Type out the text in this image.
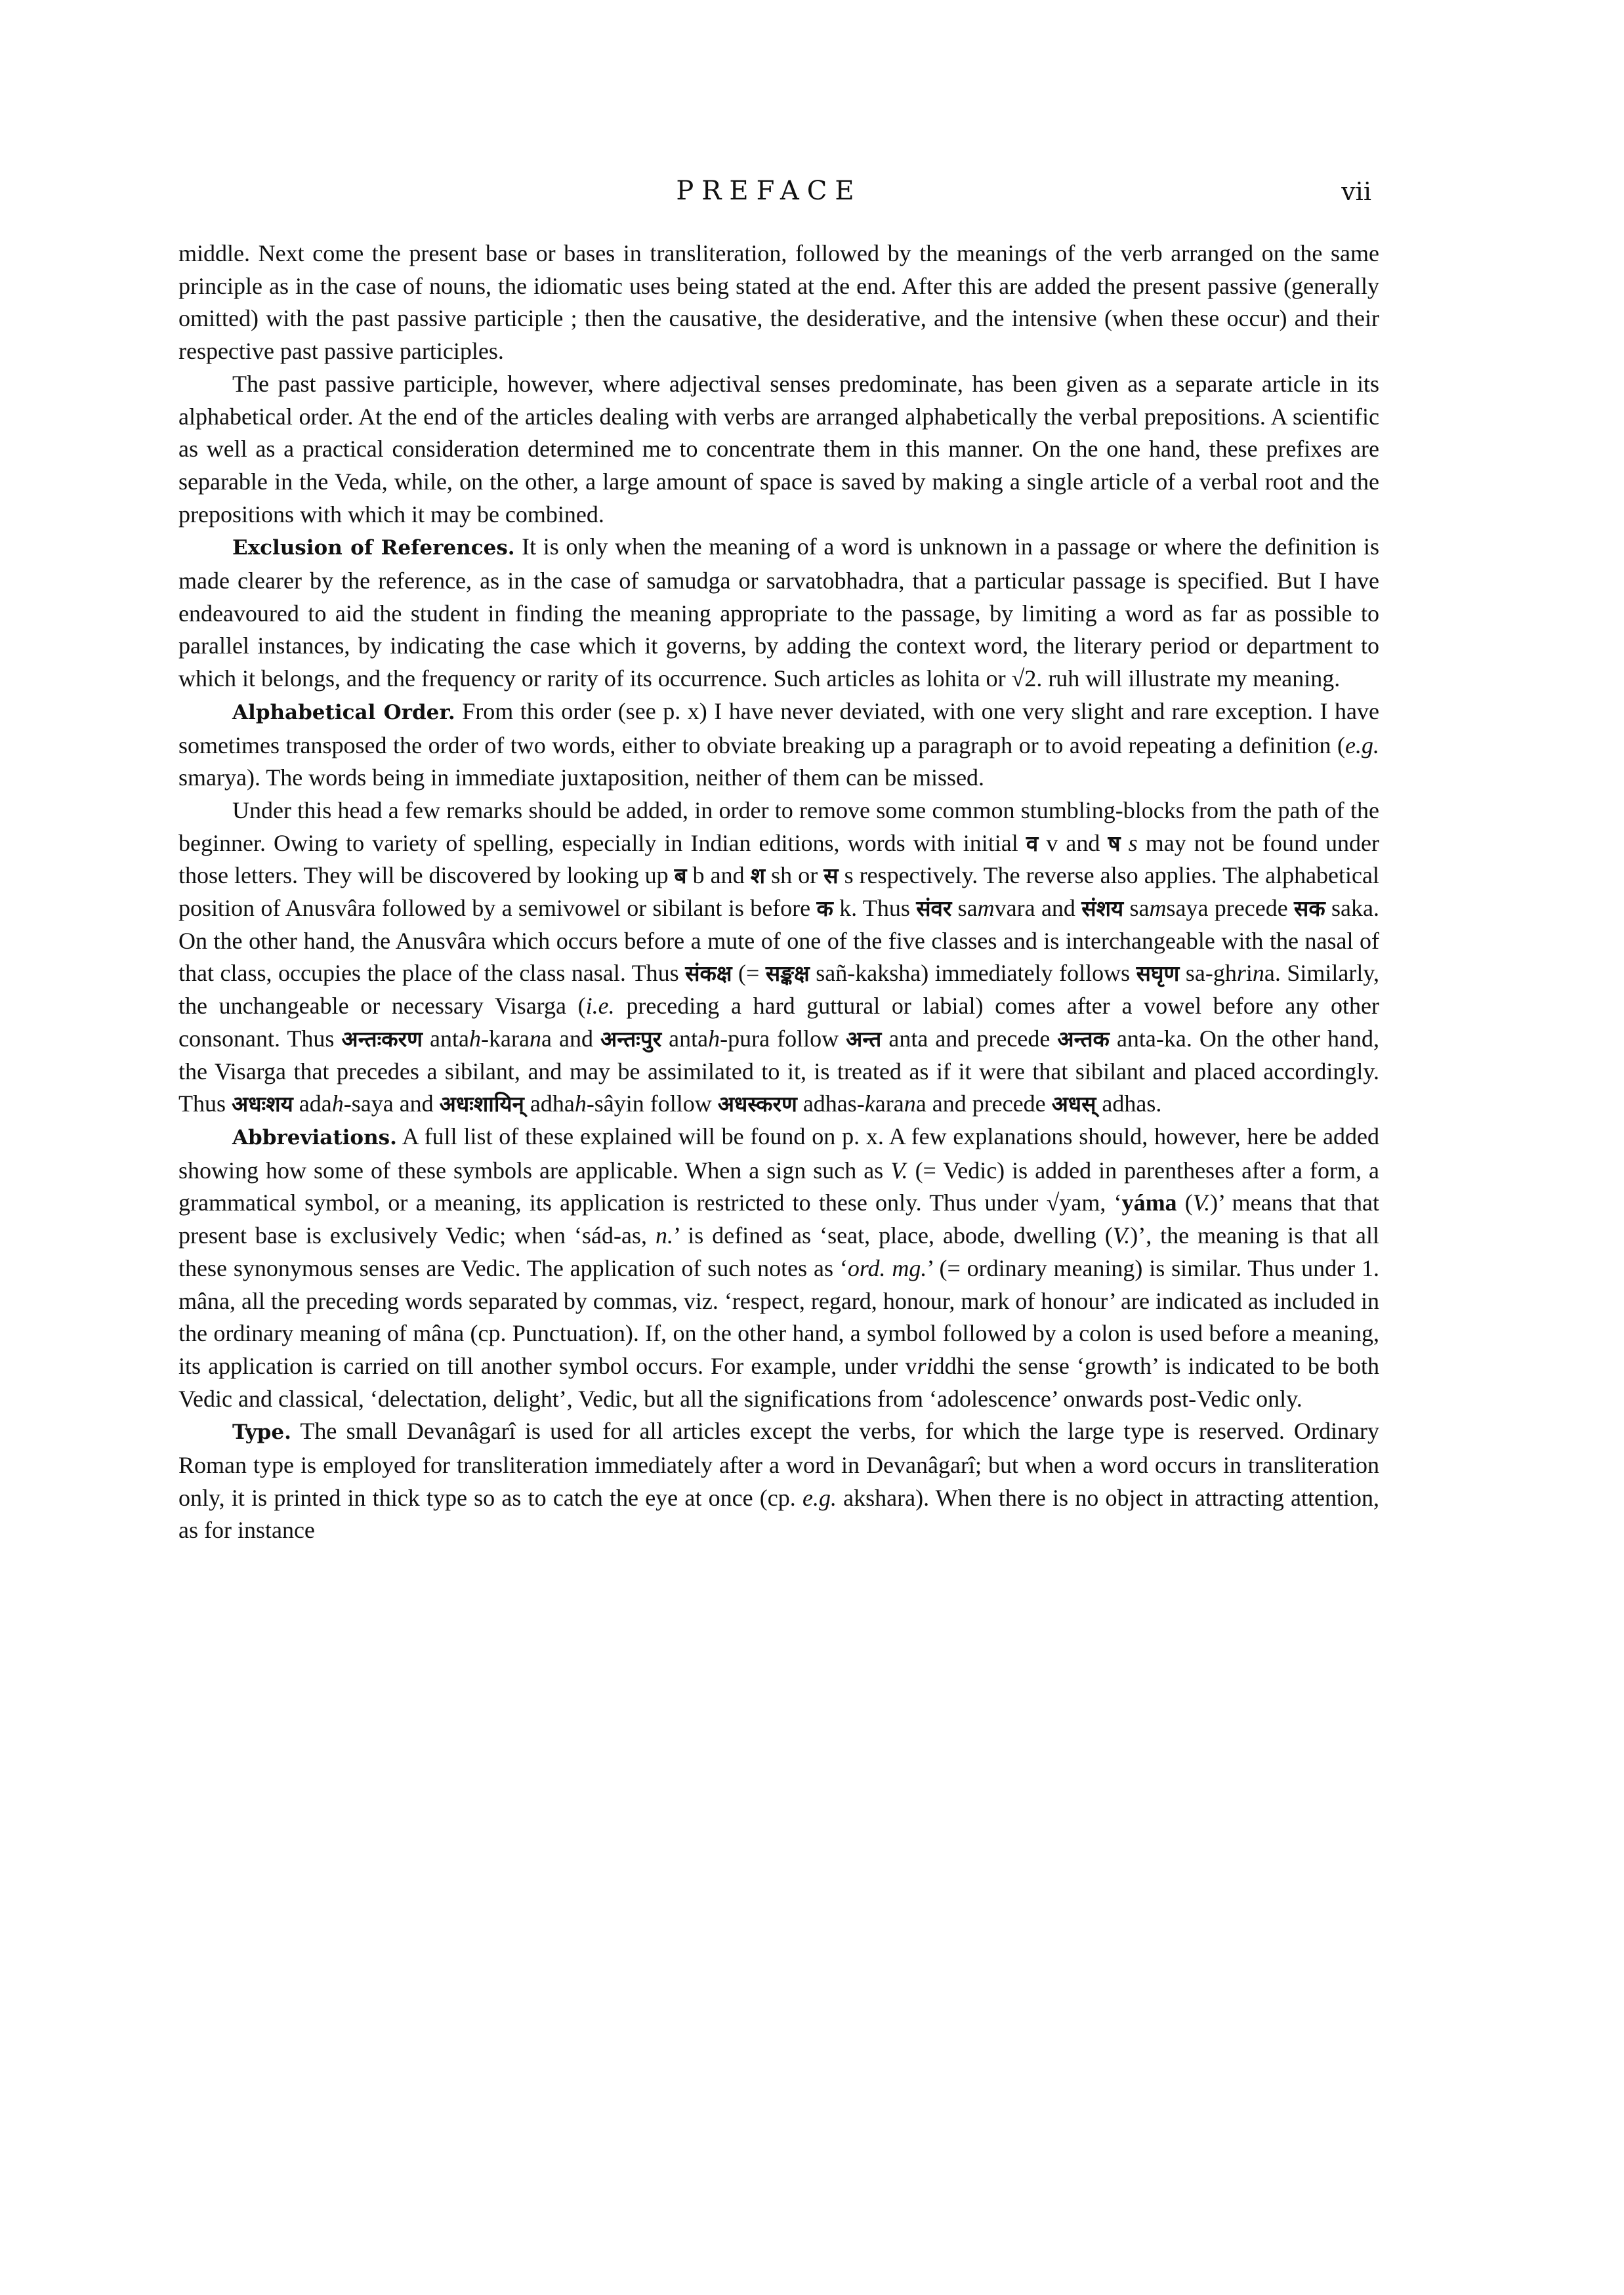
PREFACE	vii

middle. Next come the present base or bases in transliteration, followed by the meanings of the verb arranged on the same principle as in the case of nouns, the idiomatic uses being stated at the end. After this are added the present passive (generally omitted) with the past passive participle ; then the causative, the desiderative, and the intensive (when these occur) and their respective past passive participles.

The past passive participle, however, where adjectival senses predominate, has been given as a separate article in its alphabetical order. At the end of the articles dealing with verbs are arranged alphabetically the verbal prepositions. A scientific as well as a practical consideration determined me to concentrate them in this manner. On the one hand, these prefixes are separable in the Veda, while, on the other, a large amount of space is saved by making a single article of a verbal root and the prepositions with which it may be combined.

Exclusion of References. It is only when the meaning of a word is unknown in a passage or where the definition is made clearer by the reference, as in the case of samudga or sarvatobhadra, that a particular passage is specified. But I have endeavoured to aid the student in finding the meaning appropriate to the passage, by limiting a word as far as possible to parallel instances, by indicating the case which it governs, by adding the context word, the literary period or department to which it belongs, and the frequency or rarity of its occurrence. Such articles as lohita or √2. ruh will illustrate my meaning.

Alphabetical Order. From this order (see p. x) I have never deviated, with one very slight and rare exception. I have sometimes transposed the order of two words, either to obviate breaking up a paragraph or to avoid repeating a definition (e.g. smarya). The words being in immediate juxtaposition, neither of them can be missed.

Under this head a few remarks should be added, in order to remove some common stumbling-blocks from the path of the beginner. Owing to variety of spelling, especially in Indian editions, words with initial व v and ष s may not be found under those letters. They will be discovered by looking up ब b and श sh or स s respectively. The reverse also applies. The alphabetical position of Anusvâra followed by a semivowel or sibilant is before क k. Thus संवर samvara and संशय samsaya precede सक saka. On the other hand, the Anusvâra which occurs before a mute of one of the five classes and is interchangeable with the nasal of that class, occupies the place of the class nasal. Thus संकक्ष (= सङ्कक्ष sañ-kaksha) immediately follows सघृण sa-ghrina. Similarly, the unchangeable or necessary Visarga (i.e. preceding a hard guttural or labial) comes after a vowel before any other consonant. Thus अन्तःकरण antah-karana and अन्तःपुर antah-pura follow अन्त anta and precede अन्तक anta-ka. On the other hand, the Visarga that precedes a sibilant, and may be assimilated to it, is treated as if it were that sibilant and placed accordingly. Thus अधःशय adah-saya and अधःशायिन् adhah-sâyin follow अधस्करण adhas-karana and precede अधस् adhas.

Abbreviations. A full list of these explained will be found on p. x. A few explanations should, however, here be added showing how some of these symbols are applicable. When a sign such as V. (= Vedic) is added in parentheses after a form, a grammatical symbol, or a meaning, its application is restricted to these only. Thus under √yam, ‘yáma (V.)’ means that that present base is exclusively Vedic; when ‘sád-as, n.’ is defined as ‘seat, place, abode, dwelling (V.)’, the meaning is that all these synonymous senses are Vedic. The application of such notes as ‘ord. mg.’ (= ordinary meaning) is similar. Thus under 1. mâna, all the preceding words separated by commas, viz. ‘respect, regard, honour, mark of honour’ are indicated as included in the ordinary meaning of mâna (cp. Punctuation). If, on the other hand, a symbol followed by a colon is used before a meaning, its application is carried on till another symbol occurs. For example, under vriddhi the sense ‘growth’ is indicated to be both Vedic and classical, ‘delectation, delight’, Vedic, but all the significations from ‘adolescence’ onwards post-Vedic only.

Type. The small Devanâgarî is used for all articles except the verbs, for which the large type is reserved. Ordinary Roman type is employed for transliteration immediately after a word in Devanâgarî; but when a word occurs in transliteration only, it is printed in thick type so as to catch the eye at once (cp. e.g. akshara). When there is no object in attracting attention, as for instance
